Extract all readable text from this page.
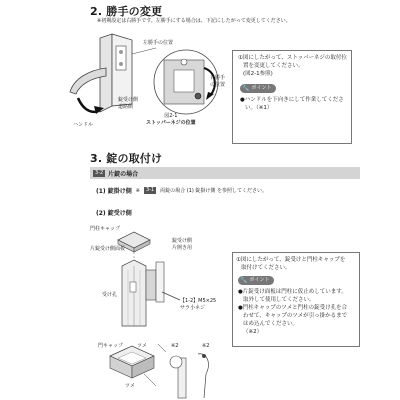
2. 勝手の変更
※初期設定は右勝手です。左勝手にする場合は、下記にしたがって変更してください。
錠受け側
道路側
ハンドル
左勝手の位置
右勝手
の位置
図2-1
ストッパーネジの位置
①図にしたがって、ストッパーネジの取付位
置を変更してください。
(図2-1参照)
🔧 ポイント
●ハンドルを下向きにして作業してくださ
い。（※1）
3. 錠の取付け
3-2 片錠の場合
(1) 錠掛け側 ※	3-1	両錠の場合 (1) 錠掛け側 を参照してください。
(2) 錠受け側
門柱キャップ
片錠受け側面板
受け孔
錠受け側
片開き用
【1-2】M5×25
サラ小ネジ
門キャップ	ツメ
ツメ
※2	※2
①図にしたがって、錠受けと門柱キャップを
取付けてください。
🔧 ポイント
●片錠受け面板は門柱に仮止めしています。
取外して使用してください。
●門柱キャップのツメと門柱の錠受け孔を合
わせて、キャップのツメが引っ掛かるまで
はめ込んでください。
（※2）
